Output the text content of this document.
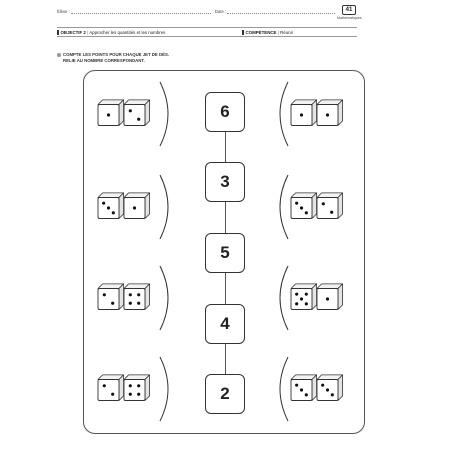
Élève :	Date :	41
Mathématiques
OBJECTIF 2 | Approcher les quantités et les nombres	COMPÉTENCE | Réunir
COMPTE LES POINTS POUR CHAQUE JET DE DÉS.
RELIE AU NOMBRE CORRESPONDANT.
6
3
5
4
2
